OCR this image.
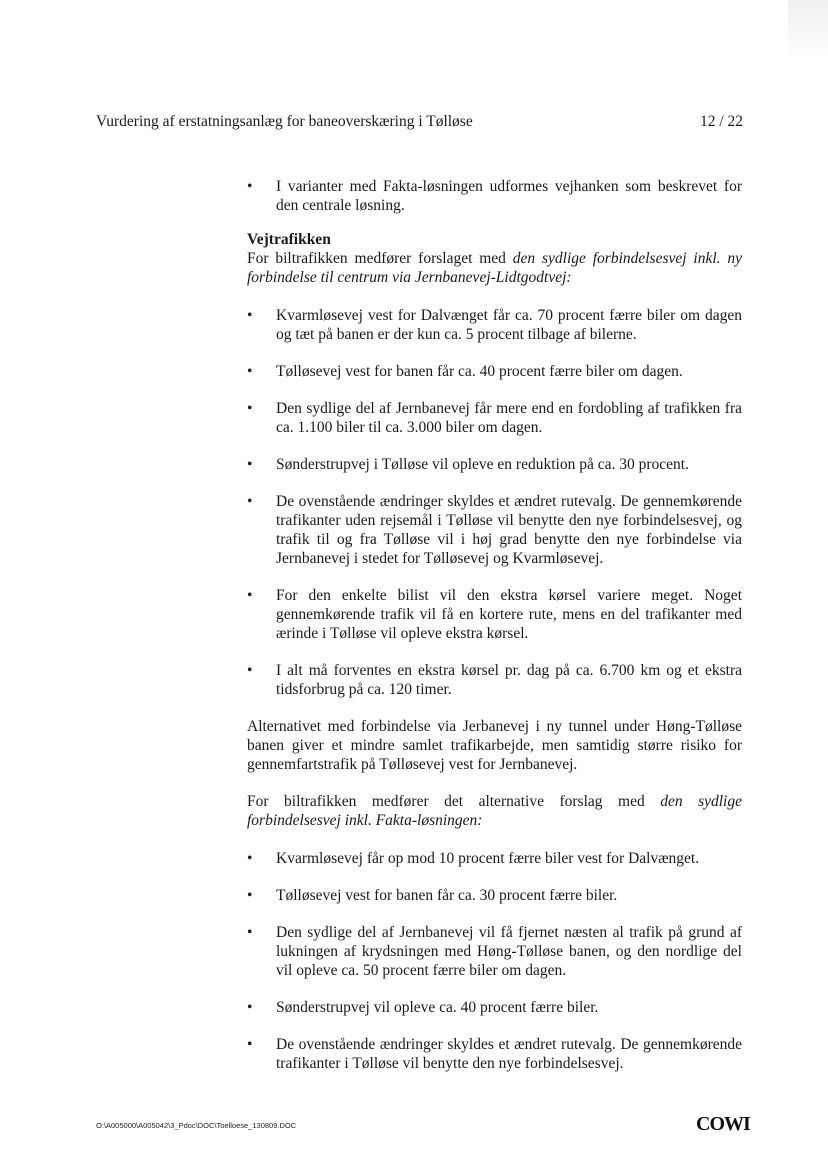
Vurdering af erstatningsanlæg for baneoverskæring i Tølløse	12 / 22
• I varianter med Fakta-løsningen udformes vejhanken som beskrevet for den centrale løsning.

Vejtrafikken

For biltrafikken medfører forslaget med den sydlige forbindelsesvej inkl. ny forbindelse til centrum via Jernbanevej-Lidtgodtvej:

• Kvarmløsevej vest for Dalvænget får ca. 70 procent færre biler om dagen og tæt på banen er der kun ca. 5 procent tilbage af bilerne.
• Tølløsevej vest for banen får ca. 40 procent færre biler om dagen.
• Den sydlige del af Jernbanevej får mere end en fordobling af trafikken fra ca. 1.100 biler til ca. 3.000 biler om dagen.
• Sønderstrupvej i Tølløse vil opleve en reduktion på ca. 30 procent.
• De ovenstående ændringer skyldes et ændret rutevalg. De gennemkørende trafikanter uden rejsemål i Tølløse vil benytte den nye forbindelsesvej, og trafik til og fra Tølløse vil i høj grad benytte den nye forbindelse via Jernbanevej i stedet for Tølløsevej og Kvarmløsevej.
• For den enkelte bilist vil den ekstra kørsel variere meget. Noget gennemkørende trafik vil få en kortere rute, mens en del trafikanter med ærinde i Tølløse vil opleve ekstra kørsel.
• I alt må forventes en ekstra kørsel pr. dag på ca. 6.700 km og et ekstra tidsforbrug på ca. 120 timer.

Alternativet med forbindelse via Jerbanevej i ny tunnel under Høng-Tølløse banen giver et mindre samlet trafikarbejde, men samtidig større risiko for gennemfartstrafik på Tølløsevej vest for Jernbanevej.

For biltrafikken medfører det alternative forslag med den sydlige forbindelsesvej inkl. Fakta-løsningen:

• Kvarmløsevej får op mod 10 procent færre biler vest for Dalvænget.
• Tølløsevej vest for banen får ca. 30 procent færre biler.
• Den sydlige del af Jernbanevej vil få fjernet næsten al trafik på grund af lukningen af krydsningen med Høng-Tølløse banen, og den nordlige del vil opleve ca. 50 procent færre biler om dagen.
• Sønderstrupvej vil opleve ca. 40 procent færre biler.
• De ovenstående ændringer skyldes et ændret rutevalg. De gennemkørende trafikanter i Tølløse vil benytte den nye forbindelsesvej.
O:\A005000\A005042\3_Pdoc\DOC\Toelloese_130809.DOC	COWI
